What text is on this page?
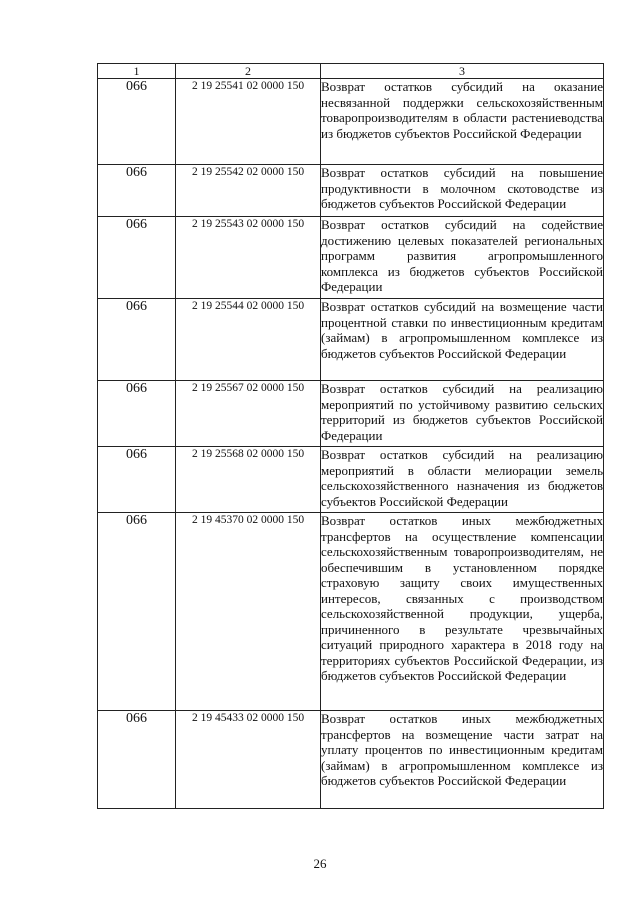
1	2	3
066	2 19 25541 02 0000 150	Возврат остатков субсидий на оказание несвязанной поддержки сельскохозяйственным товаропроизводителям в области растениеводства из бюджетов субъектов Российской Федерации
066	2 19 25542 02 0000 150	Возврат остатков субсидий на повышение продуктивности в молочном скотоводстве из бюджетов субъектов Российской Федерации
066	2 19 25543 02 0000 150	Возврат остатков субсидий на содействие достижению целевых показателей региональных программ развития агропромышленного комплекса из бюджетов субъектов Российской Федерации
066	2 19 25544 02 0000 150	Возврат остатков субсидий на возмещение части процентной ставки по инвестиционным кредитам (займам) в агропромышленном комплексе из бюджетов субъектов Российской Федерации
066	2 19 25567 02 0000 150	Возврат остатков субсидий на реализацию мероприятий по устойчивому развитию сельских территорий из бюджетов субъектов Российской Федерации
066	2 19 25568 02 0000 150	Возврат остатков субсидий на реализацию мероприятий в области мелиорации земель сельскохозяйственного назначения из бюджетов субъектов Российской Федерации
066	2 19 45370 02 0000 150	Возврат остатков иных межбюджетных трансфертов на осуществление компенсации сельскохозяйственным товаропроизводителям, не обеспечившим в установленном порядке страховую защиту своих имущественных интересов, связанных с производством сельскохозяйственной продукции, ущерба, причиненного в результате чрезвычайных ситуаций природного характера в 2018 году на территориях субъектов Российской Федерации, из бюджетов субъектов Российской Федерации
066	2 19 45433 02 0000 150	Возврат остатков иных межбюджетных трансфертов на возмещение части затрат на уплату процентов по инвестиционным кредитам (займам) в агропромышленном комплексе из бюджетов субъектов Российской Федерации
26
